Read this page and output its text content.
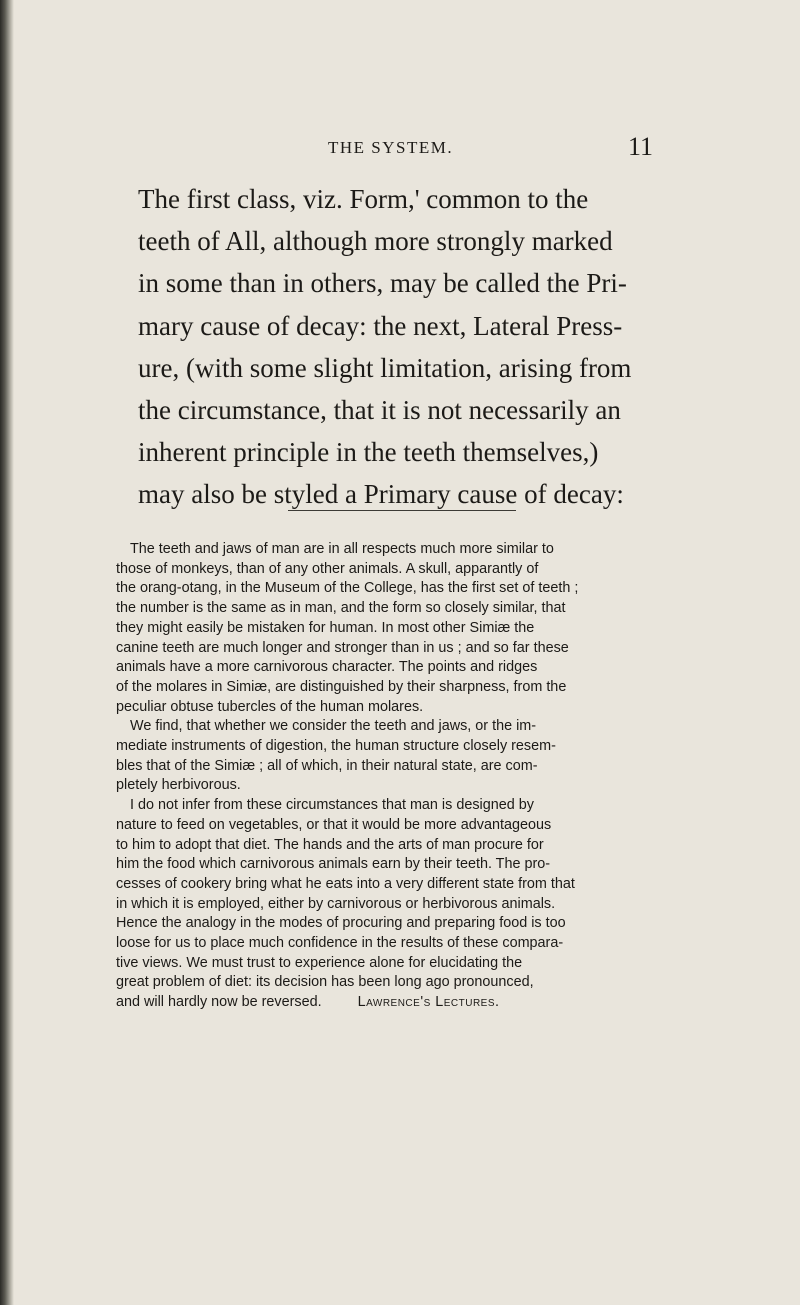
THE SYSTEM.	11
The first class, viz. Form,' common to the
teeth of All, although more strongly marked
in some than in others, may be called the Pri-
mary cause of decay: the next, Lateral Press-
ure, (with some slight limitation, arising from
the circumstance, that it is not necessarily an
inherent principle in the teeth themselves,)
may also be styled a Primary cause of decay:
The teeth and jaws of man are in all respects much more similar to
those of monkeys, than of any other animals. A skull, apparantly of
the orang-otang, in the Museum of the College, has the first set of teeth ;
the number is the same as in man, and the form so closely similar, that
they might easily be mistaken for human. In most other Simiæ the
canine teeth are much longer and stronger than in us ; and so far these
animals have a more carnivorous character. The points and ridges
of the molares in Simiæ, are distinguished by their sharpness, from the
peculiar obtuse tubercles of the human molares.
We find, that whether we consider the teeth and jaws, or the im-
mediate instruments of digestion, the human structure closely resem-
bles that of the Simiæ ; all of which, in their natural state, are com-
pletely herbivorous.
I do not infer from these circumstances that man is designed by
nature to feed on vegetables, or that it would be more advantageous
to him to adopt that diet. The hands and the arts of man procure for
him the food which carnivorous animals earn by their teeth. The pro-
cesses of cookery bring what he eats into a very different state from that
in which it is employed, either by carnivorous or herbivorous animals.
Hence the analogy in the modes of procuring and preparing food is too
loose for us to place much confidence in the results of these compara-
tive views. We must trust to experience alone for elucidating the
great problem of diet: its decision has been long ago pronounced,
and will hardly now be reversed.	Lawrence's Lectures.
